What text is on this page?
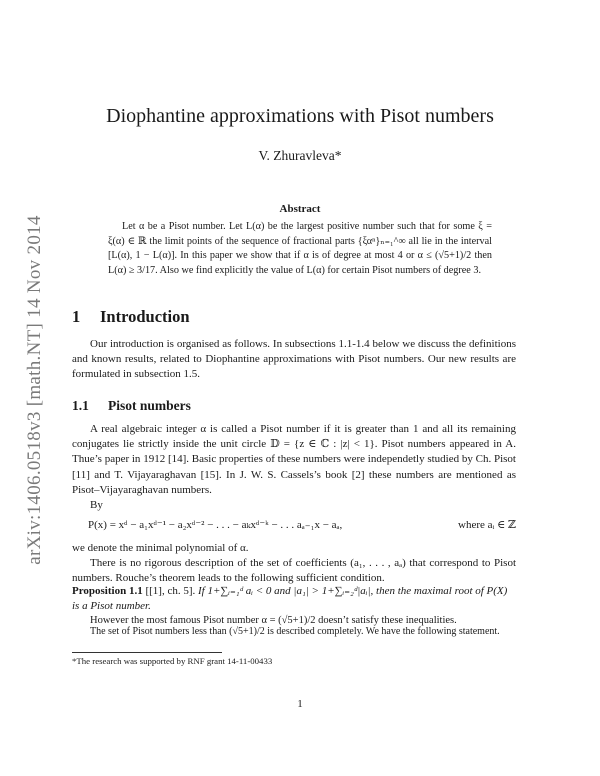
arXiv:1406.0518v3 [math.NT] 14 Nov 2014
Diophantine approximations with Pisot numbers
V. Zhuravleva*
Abstract

Let α be a Pisot number. Let L(α) be the largest positive number such that for some ξ = ξ(α) ∈ ℝ the limit points of the sequence of fractional parts {ξαⁿ}ₙ₌₁^∞ all lie in the interval [L(α), 1 − L(α)]. In this paper we show that if α is of degree at most 4 or α ≤ (√5+1)/2 then L(α) ≥ 3/17. Also we find explicitly the value of L(α) for certain Pisot numbers of degree 3.

1 Introduction

Our introduction is organised as follows. In subsections 1.1-1.4 below we discuss the definitions and known results, related to Diophantine approximations with Pisot numbers. Our new results are formulated in subsection 1.5.

1.1 Pisot numbers

A real algebraic integer α is called a Pisot number if it is greater than 1 and all its remaining conjugates lie strictly inside the unit circle 𝔻 = {z ∈ ℂ : |z| < 1}. Pisot numbers appeared in A. Thue’s paper in 1912 [14]. Basic properties of these numbers were independetly studied by Ch. Pisot [11] and T. Vijayaraghavan [15]. In J. W. S. Cassels’s book [2] these numbers are mentioned as Pisot–Vijayaraghavan numbers.

By

P(x) = xᵈ − a₁xᵈ⁻¹ − a₂xᵈ⁻² − . . . − aₖxᵈ⁻ᵏ − . . . aₐ₋₁x − aₐ,	where aᵢ ∈ ℤ

we denote the minimal polynomial of α.

There is no rigorous description of the set of coefficients (a₁, . . . , aₐ) that correspond to Pisot numbers. Rouche’s theorem leads to the following sufficient condition.

Proposition 1.1 [[1], ch. 5]. If 1+∑ᵢ₌₁ᵈ aᵢ < 0 and |a₁| > 1+∑ᵢ₌₂ᵈ|aᵢ|, then the maximal root of P(X) is a Pisot number.

However the most famous Pisot number α = (√5+1)/2 doesn’t satisfy these inequalities.

The set of Pisot numbers less than (√5+1)/2 is described completely. We have the following statement.

*The research was supported by RNF grant 14-11-00433
1
